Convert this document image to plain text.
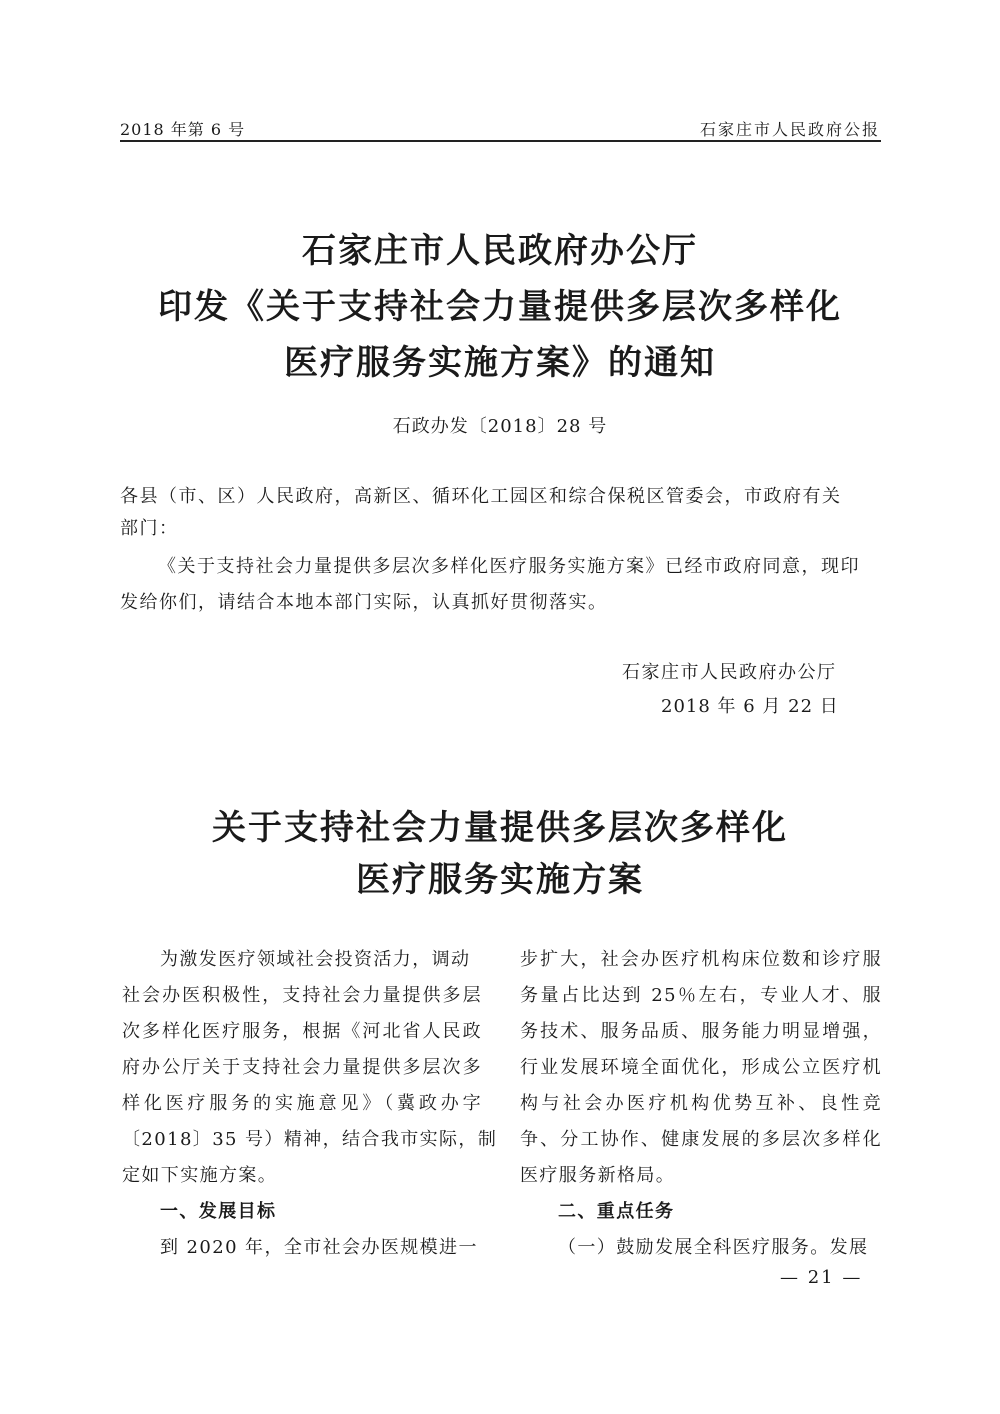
2018 年第 6 号	石家庄市人民政府公报
石家庄市人民政府办公厅
印发《关于支持社会力量提供多层次多样化
医疗服务实施方案》的通知
石政办发〔2018〕28 号
各县（市、区）人民政府，高新区、循环化工园区和综合保税区管委会，市政府有关
部门：
《关于支持社会力量提供多层次多样化医疗服务实施方案》已经市政府同意，现印
发给你们，请结合本地本部门实际，认真抓好贯彻落实。
石家庄市人民政府办公厅
2018 年 6 月 22 日
关于支持社会力量提供多层次多样化
医疗服务实施方案
为激发医疗领域社会投资活力，调动
社会办医积极性，支持社会力量提供多层
次多样化医疗服务，根据《河北省人民政
府办公厅关于支持社会力量提供多层次多
样化医疗服务的实施意见》（冀政办字
〔2018〕35 号）精神，结合我市实际，制
定如下实施方案。
一、发展目标
到 2020 年，全市社会办医规模进一
步扩大，社会办医疗机构床位数和诊疗服
务量占比达到 25％左右，专业人才、服
务技术、服务品质、服务能力明显增强，
行业发展环境全面优化，形成公立医疗机
构与社会办医疗机构优势互补、良性竞
争、分工协作、健康发展的多层次多样化
医疗服务新格局。
二、重点任务
（一）鼓励发展全科医疗服务。发展
— 21 —
